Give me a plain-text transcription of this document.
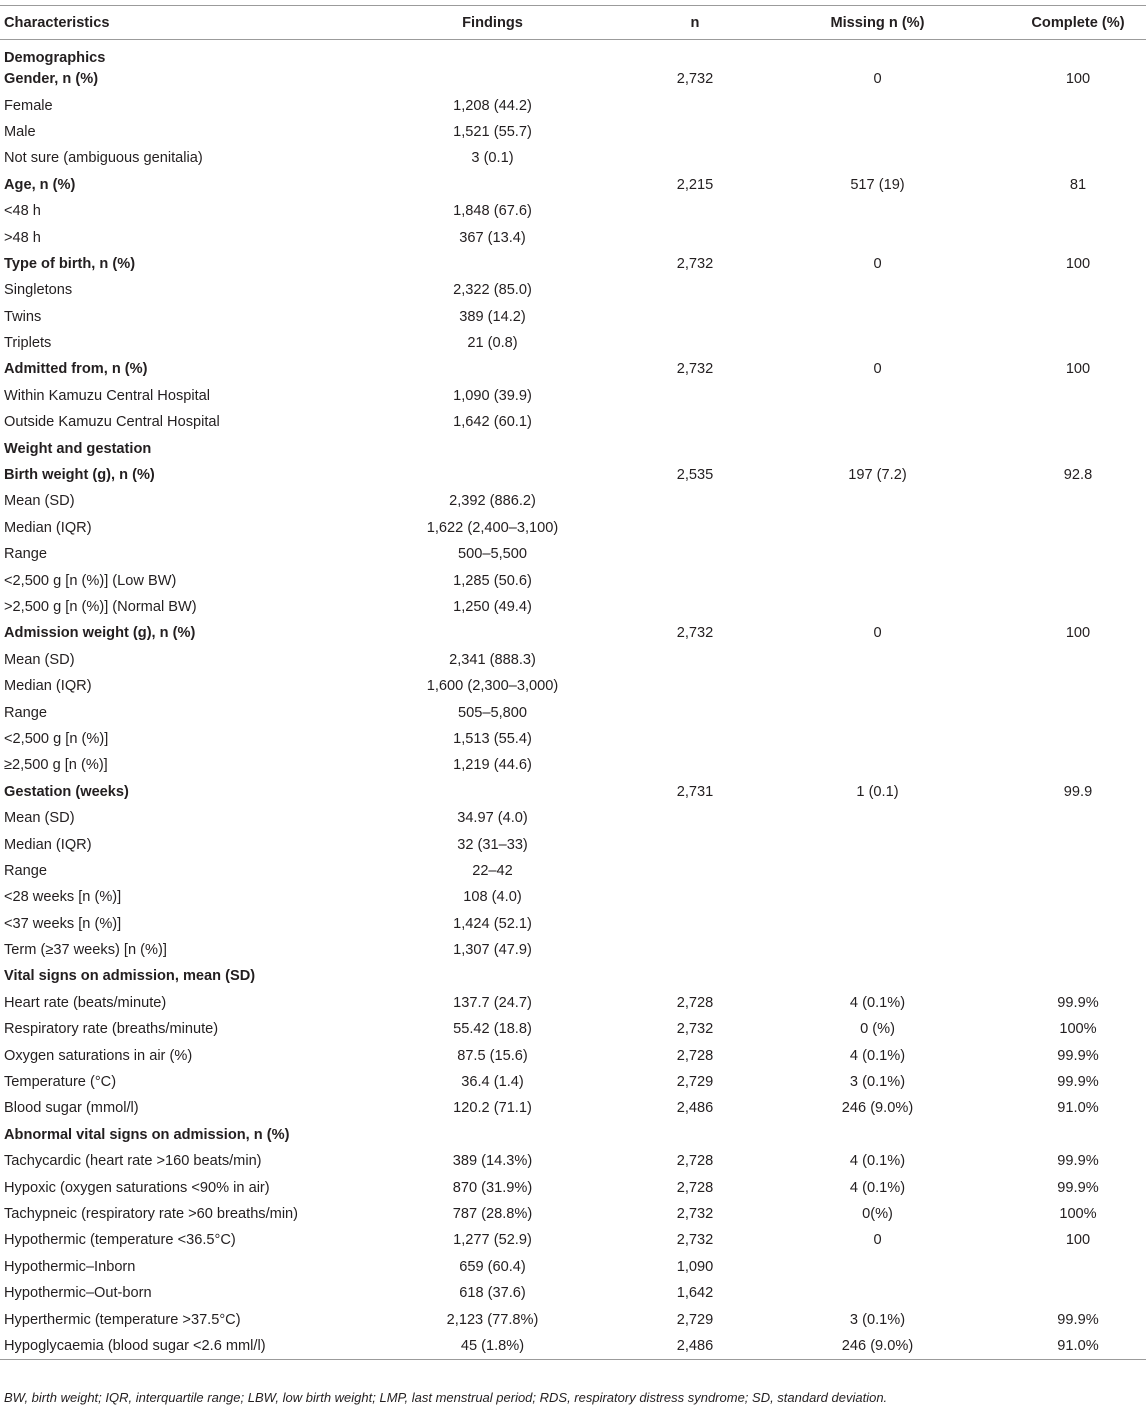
Characteristics	Findings	n	Missing n (%)	Complete (%)
Demographics				
Gender, n (%)		2,732	0	100
Female	1,208 (44.2)			
Male	1,521 (55.7)			
Not sure (ambiguous genitalia)	3 (0.1)			
Age, n (%)		2,215	517 (19)	81
<48 h	1,848 (67.6)			
>48 h	367 (13.4)			
Type of birth, n (%)		2,732	0	100
Singletons	2,322 (85.0)			
Twins	389 (14.2)			
Triplets	21 (0.8)			
Admitted from, n (%)		2,732	0	100
Within Kamuzu Central Hospital	1,090 (39.9)			
Outside Kamuzu Central Hospital	1,642 (60.1)			
Weight and gestation				
Birth weight (g), n (%)		2,535	197 (7.2)	92.8
Mean (SD)	2,392 (886.2)			
Median (IQR)	1,622 (2,400–3,100)			
Range	500–5,500			
<2,500 g [n (%)] (Low BW)	1,285 (50.6)			
>2,500 g [n (%)] (Normal BW)	1,250 (49.4)			
Admission weight (g), n (%)		2,732	0	100
Mean (SD)	2,341 (888.3)			
Median (IQR)	1,600 (2,300–3,000)			
Range	505–5,800			
<2,500 g [n (%)]	1,513 (55.4)			
≥2,500 g [n (%)]	1,219 (44.6)			
Gestation (weeks)		2,731	1 (0.1)	99.9
Mean (SD)	34.97 (4.0)			
Median (IQR)	32 (31–33)			
Range	22–42			
<28 weeks [n (%)]	108 (4.0)			
<37 weeks [n (%)]	1,424 (52.1)			
Term (≥37 weeks) [n (%)]	1,307 (47.9)			
Vital signs on admission, mean (SD)				
Heart rate (beats/minute)	137.7 (24.7)	2,728	4 (0.1%)	99.9%
Respiratory rate (breaths/minute)	55.42 (18.8)	2,732	0 (%)	100%
Oxygen saturations in air (%)	87.5 (15.6)	2,728	4 (0.1%)	99.9%
Temperature (°C)	36.4 (1.4)	2,729	3 (0.1%)	99.9%
Blood sugar (mmol/l)	120.2 (71.1)	2,486	246 (9.0%)	91.0%
Abnormal vital signs on admission, n (%)				
Tachycardic (heart rate >160 beats/min)	389 (14.3%)	2,728	4 (0.1%)	99.9%
Hypoxic (oxygen saturations <90% in air)	870 (31.9%)	2,728	4 (0.1%)	99.9%
Tachypneic (respiratory rate >60 breaths/min)	787 (28.8%)	2,732	0(%)	100%
Hypothermic (temperature <36.5°C)	1,277 (52.9)	2,732	0	100
Hypothermic–Inborn	659 (60.4)	1,090		
Hypothermic–Out-born	618 (37.6)	1,642		
Hyperthermic (temperature >37.5°C)	2,123 (77.8%)	2,729	3 (0.1%)	99.9%
Hypoglycaemia (blood sugar <2.6 mml/l)	45 (1.8%)	2,486	246 (9.0%)	91.0%
BW, birth weight; IQR, interquartile range; LBW, low birth weight; LMP, last menstrual period; RDS, respiratory distress syndrome; SD, standard deviation.
